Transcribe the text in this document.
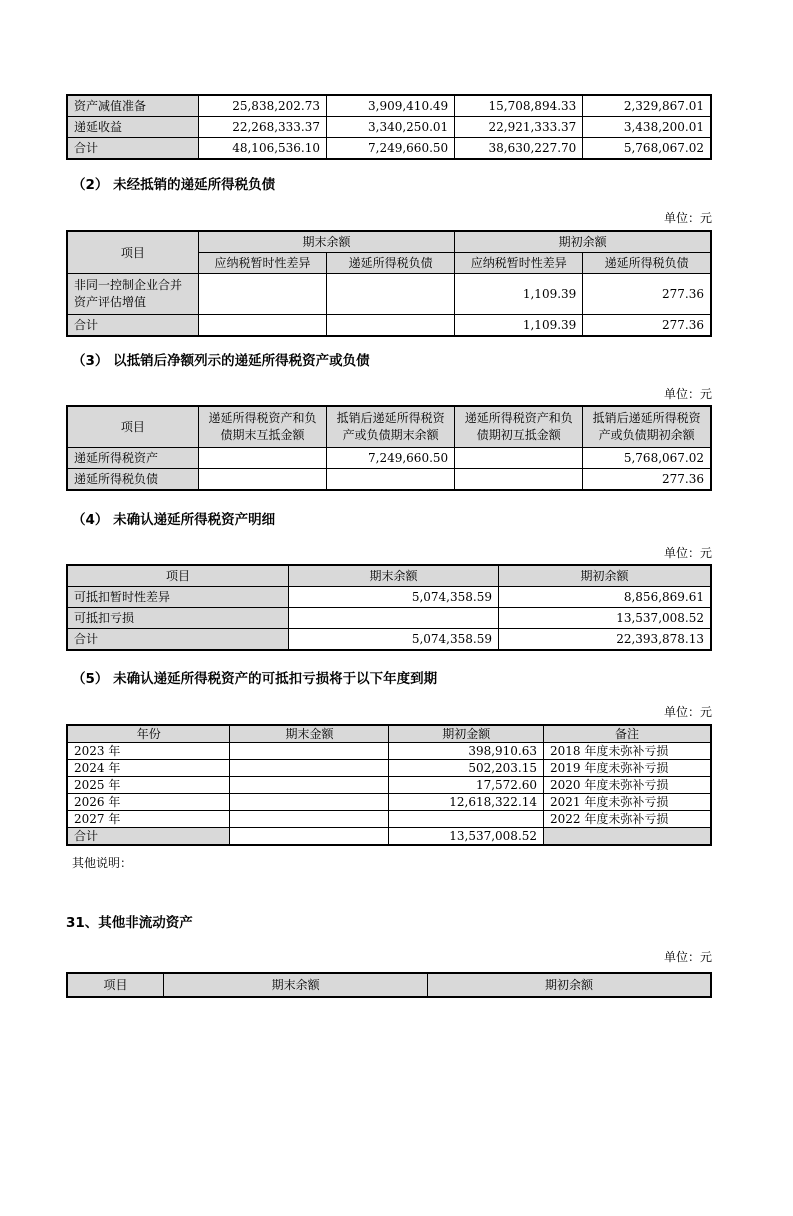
资产减值准备	25,838,202.73	3,909,410.49	15,708,894.33	2,329,867.01
递延收益	22,268,333.37	3,340,250.01	22,921,333.37	3,438,200.01
合计	48,106,536.10	7,249,660.50	38,630,227.70	5,768,067.02
（2） 未经抵销的递延所得税负债
单位：元
项目	期末余额		期初余额	
	应纳税暂时性差异	递延所得税负债	应纳税暂时性差异	递延所得税负债
非同一控制企业合并资产评估增值			1,109.39	277.36
合计			1,109.39	277.36
（3） 以抵销后净额列示的递延所得税资产或负债
单位：元
项目	递延所得税资产和负债期末互抵金额	抵销后递延所得税资产或负债期末余额	递延所得税资产和负债期初互抵金额	抵销后递延所得税资产或负债期初余额
递延所得税资产		7,249,660.50		5,768,067.02
递延所得税负债				277.36
（4） 未确认递延所得税资产明细
单位：元
项目	期末余额	期初余额
可抵扣暂时性差异	5,074,358.59	8,856,869.61
可抵扣亏损		13,537,008.52
合计	5,074,358.59	22,393,878.13
（5） 未确认递延所得税资产的可抵扣亏损将于以下年度到期
单位：元
年份	期末金额	期初金额	备注
2023 年		398,910.63	2018 年度未弥补亏损
2024 年		502,203.15	2019 年度未弥补亏损
2025 年		17,572.60	2020 年度未弥补亏损
2026 年		12,618,322.14	2021 年度未弥补亏损
2027 年			2022 年度未弥补亏损
合计		13,537,008.52	
其他说明：
31、其他非流动资产
单位：元
项目	期末余额	期初余额
